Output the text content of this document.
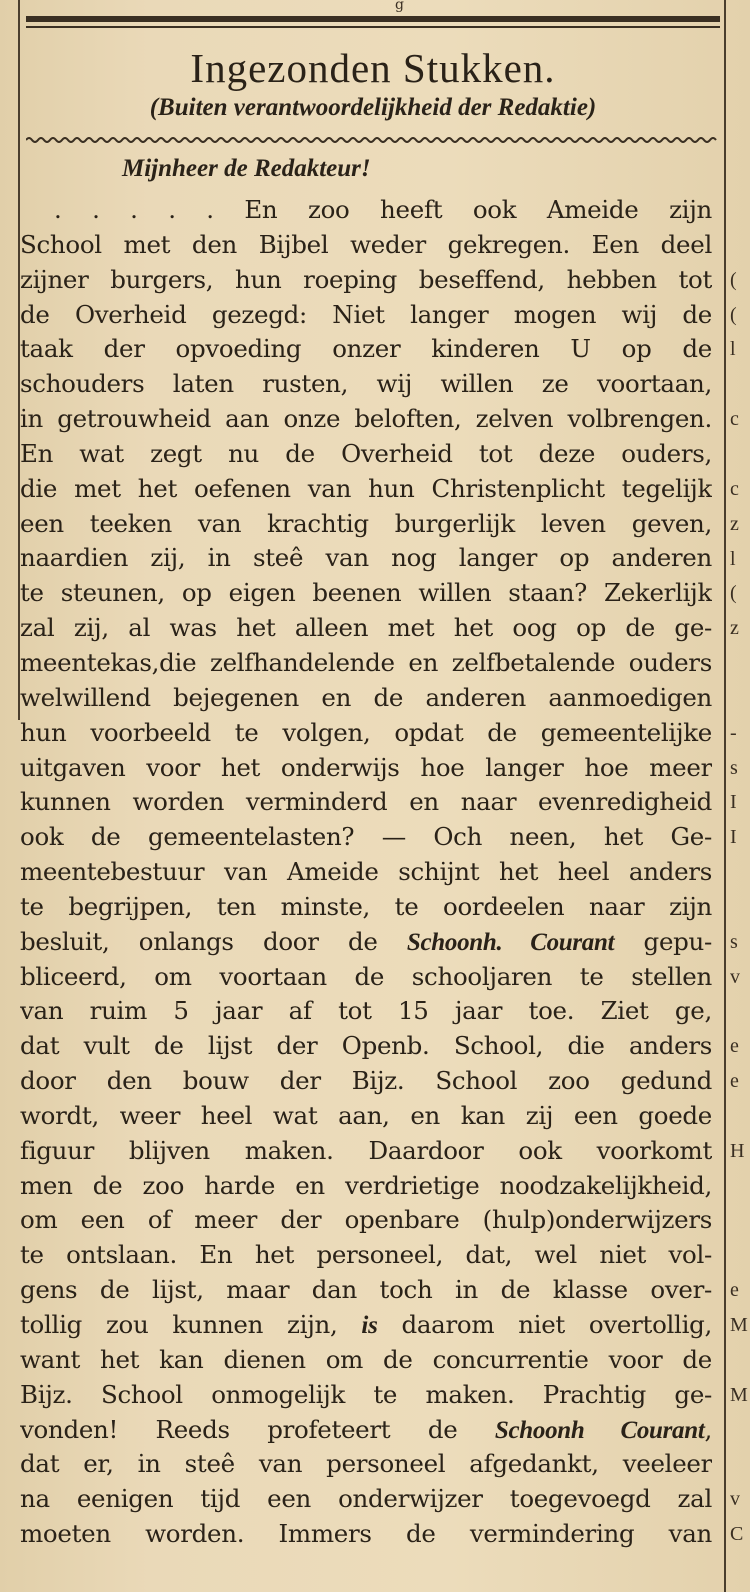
g
Ingezonden Stukken.
(Buiten verantwoordelijkheid der Redaktie)
Mijnheer de Redakteur!
. . . . . En zoo heeft ook Ameide zijn
School met den Bijbel weder gekregen. Een deel
zijner burgers, hun roeping beseffend, hebben tot
de Overheid gezegd: Niet langer mogen wij de
taak der opvoeding onzer kinderen U op de
schouders laten rusten, wij willen ze voortaan,
in getrouwheid aan onze beloften, zelven volbrengen.
En wat zegt nu de Overheid tot deze ouders,
die met het oefenen van hun Christenplicht tegelijk
een teeken van krachtig burgerlijk leven geven,
naardien zij, in steê van nog langer op anderen
te steunen, op eigen beenen willen staan? Zekerlijk
zal zij, al was het alleen met het oog op de ge-
meentekas,die zelfhandelende en zelfbetalende ouders
welwillend bejegenen en de anderen aanmoedigen
hun voorbeeld te volgen, opdat de gemeentelijke
uitgaven voor het onderwijs hoe langer hoe meer
kunnen worden verminderd en naar evenredigheid
ook de gemeentelasten? — Och neen, het Ge-
meentebestuur van Ameide schijnt het heel anders
te begrijpen, ten minste, te oordeelen naar zijn
besluit, onlangs door de Schoonh. Courant gepu-
bliceerd, om voortaan de schooljaren te stellen
van ruim 5 jaar af tot 15 jaar toe. Ziet ge,
dat vult de lijst der Openb. School, die anders
door den bouw der Bijz. School zoo gedund
wordt, weer heel wat aan, en kan zij een goede
figuur blijven maken. Daardoor ook voorkomt
men de zoo harde en verdrietige noodzakelijkheid,
om een of meer der openbare (hulp)onderwijzers
te ontslaan. En het personeel, dat, wel niet vol-
gens de lijst, maar dan toch in de klasse over-
tollig zou kunnen zijn, is daarom niet overtollig,
want het kan dienen om de concurrentie voor de
Bijz. School onmogelijk te maken. Prachtig ge-
vonden! Reeds profeteert de Schoonh Courant,
dat er, in steê van personeel afgedankt, veeleer
na eenigen tijd een onderwijzer toegevoegd zal
moeten worden. Immers de vermindering van
(
(
l
c
c
z
l
(
z
-
s
I
I
s
v
e
e
H
e
M
M
v
C
